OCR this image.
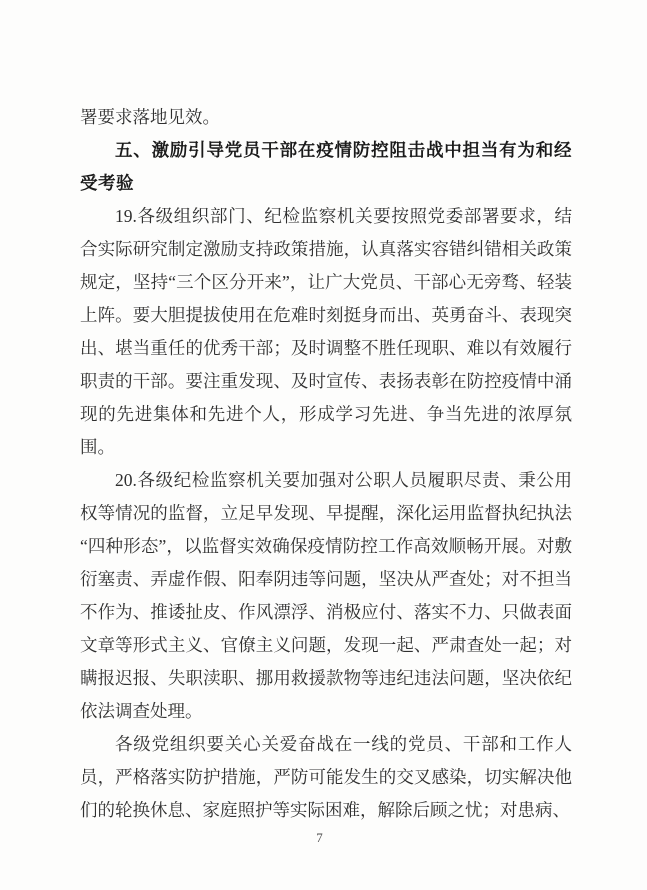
署要求落地见效。

五、激励引导党员干部在疫情防控阻击战中担当有为和经受考验

19.各级组织部门、纪检监察机关要按照党委部署要求，结合实际研究制定激励支持政策措施，认真落实容错纠错相关政策规定，坚持“三个区分开来”，让广大党员、干部心无旁骛、轻装上阵。要大胆提拔使用在危难时刻挺身而出、英勇奋斗、表现突出、堪当重任的优秀干部；及时调整不胜任现职、难以有效履行职责的干部。要注重发现、及时宣传、表扬表彰在防控疫情中涌现的先进集体和先进个人，形成学习先进、争当先进的浓厚氛围。

20.各级纪检监察机关要加强对公职人员履职尽责、秉公用权等情况的监督，立足早发现、早提醒，深化运用监督执纪执法“四种形态”，以监督实效确保疫情防控工作高效顺畅开展。对敷衍塞责、弄虚作假、阳奉阴违等问题，坚决从严查处；对不担当不作为、推诿扯皮、作风漂浮、消极应付、落实不力、只做表面文章等形式主义、官僚主义问题，发现一起、严肃查处一起；对瞒报迟报、失职渎职、挪用救援款物等违纪违法问题，坚决依纪依法调查处理。

各级党组织要关心关爱奋战在一线的党员、干部和工作人员，严格落实防护措施，严防可能发生的交叉感染，切实解决他们的轮换休息、家庭照护等实际困难，解除后顾之忧；对患病、

7
